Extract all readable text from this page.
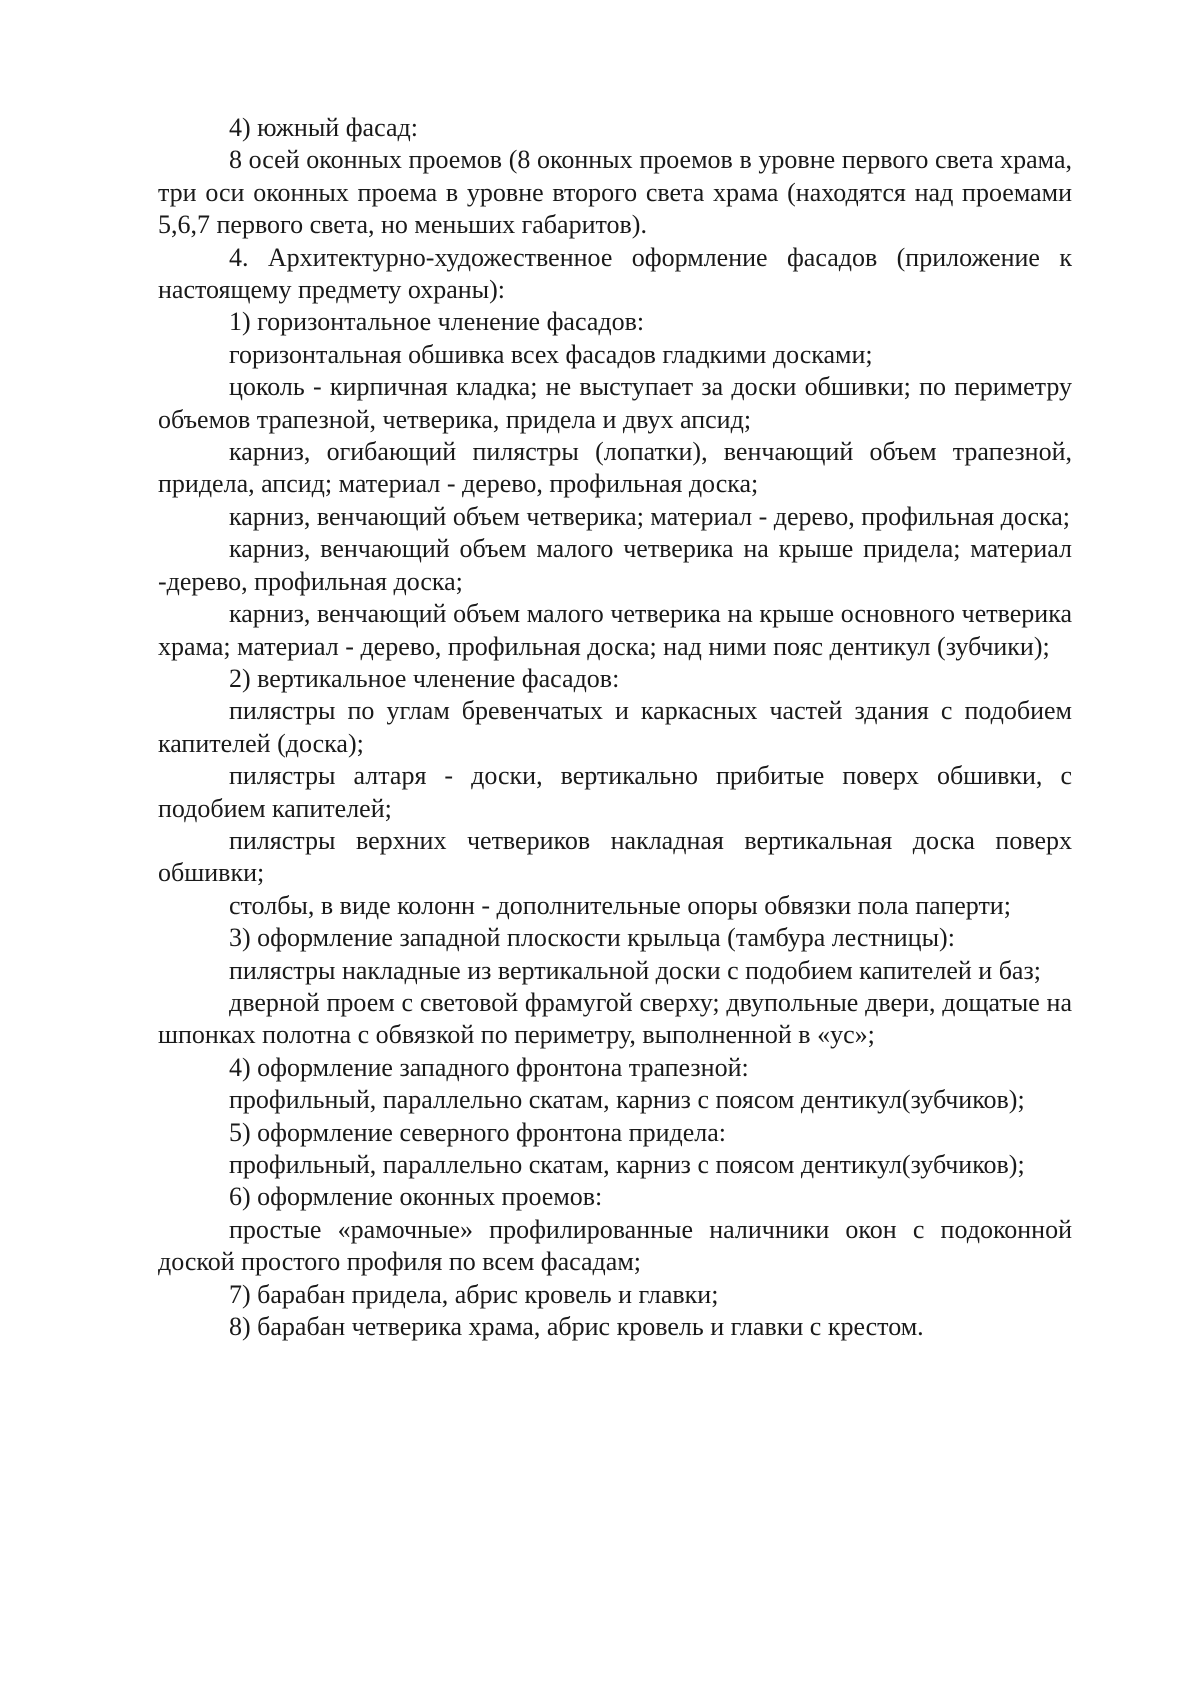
4) южный фасад:

8 осей оконных проемов (8 оконных проемов в уровне первого света храма, три оси оконных проема в уровне второго света храма (находятся над проемами 5,6,7 первого света, но меньших габаритов).

4. Архитектурно-художественное оформление фасадов (приложение к настоящему предмету охраны):

1) горизонтальное членение фасадов:

горизонтальная обшивка всех фасадов гладкими досками;

цоколь - кирпичная кладка; не выступает за доски обшивки; по периметру объемов трапезной, четверика, придела и двух апсид;

карниз, огибающий пилястры (лопатки), венчающий объем трапезной, придела, апсид; материал - дерево, профильная доска;

карниз, венчающий объем четверика; материал - дерево, профильная доска;

карниз, венчающий объем малого четверика на крыше придела; материал -дерево, профильная доска;

карниз, венчающий объем малого четверика на крыше основного четверика храма; материал - дерево, профильная доска; над ними пояс дентикул (зубчики);

2) вертикальное членение фасадов:

пилястры по углам бревенчатых и каркасных частей здания с подобием капителей (доска);

пилястры алтаря - доски, вертикально прибитые поверх обшивки, с подобием капителей;

пилястры верхних четвериков накладная вертикальная доска поверх обшивки;

столбы, в виде колонн - дополнительные опоры обвязки пола паперти;

3) оформление западной плоскости крыльца (тамбура лестницы):

пилястры накладные из вертикальной доски с подобием капителей и баз;

дверной проем с световой фрамугой сверху; двупольные двери, дощатые на шпонках полотна с обвязкой по периметру, выполненной в «ус»;

4) оформление западного фронтона трапезной:

профильный, параллельно скатам, карниз с поясом дентикул(зубчиков);

5) оформление северного фронтона придела:

профильный, параллельно скатам, карниз с поясом дентикул(зубчиков);

6) оформление оконных проемов:

простые «рамочные» профилированные наличники окон с подоконной доской простого профиля по всем фасадам;

7) барабан придела, абрис кровель и главки;

8) барабан четверика храма, абрис кровель и главки с крестом.
